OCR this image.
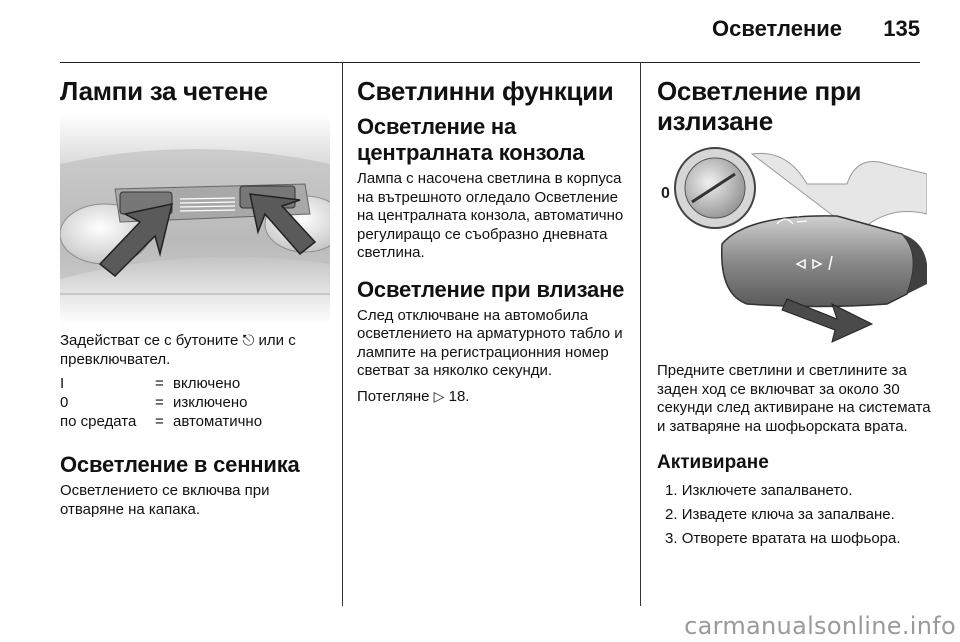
Осветление 135
Лампи за четене

Задействат се с бутоните ⎋ или с превключвател.

I	=	включено
0	=	изключено
по средата	=	автоматично
Осветление в сенника

Осветлението се включва при отваряне на капака.

Светлинни функции
Осветление на централната конзола

Лампа с насочена светлина в корпуса на вътрешното огледало Осветление на централната конзола, автоматично регулиращо се съобразно дневната светлина.

Осветление при влизане

След отключване на автомобила осветлението на арматурното табло и лампите на регистрационния номер светват за няколко секунди.

Потегляне ▷ 18.

Осветление при излизане
0

Предните светлини и светлините за заден ход се включват за около 30 секунди след активиране на системата и затваряне на шофьорската врата.

Активиране
1. Изключете запалването.
2. Извадете ключа за запалване.
3. Отворете вратата на шофьора.
carmanualsonline.info
